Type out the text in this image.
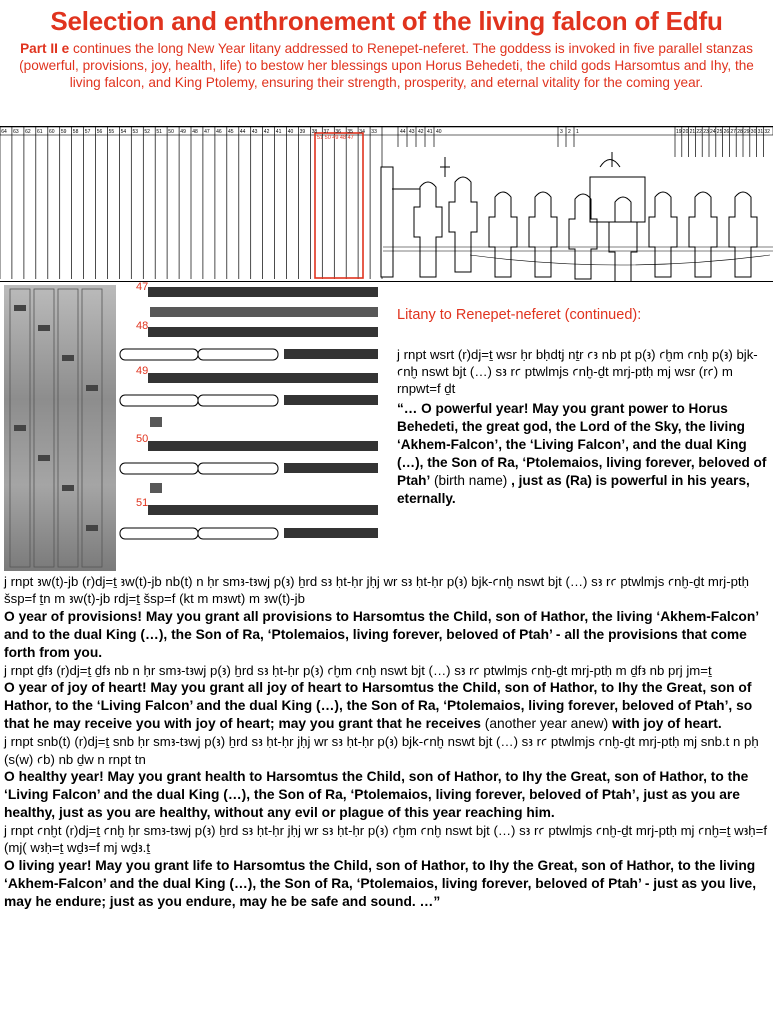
Selection and enthronement of the living falcon of Edfu
Part II e continues the long New Year litany addressed to Renepet-neferet. The goddess is invoked in five parallel stanzas (powerful, provisions, joy, health, life) to bestow her blessings upon Horus Behedeti, the child gods Harsomtus and Ihy, the living falcon, and King Ptolemy, ensuring their strength, prosperity, and eternal vitality for the coming year.
64 63 62 61 60 59 58 57 56 55 54 53 52 51 50 49 48 47 46 45 44 43 42 41 40 39 38 37 36 35 34 33	44 43 42 41 40	3 2 1	19 20 21 22 23 24 25 26 27 28 29 30 31 32
51 50 49 48 47
47
48
49
50
51
Litany to Renepet-neferet (continued):

j rnpt wsrt (r)dj=ṯ wsr ḥr bḥdtj nṯr ꜥꜣ nb pt p(ꜣ) ꜥḫm ꜥnḫ p(ꜣ) bjk-ꜥnḫ nswt bjt (…) sꜣ rꜥ ptwlmjs ꜥnḫ-ḏt mrj-ptḥ mj wsr (rꜥ) m rnpwt=f ḏt

“… O powerful year! May you grant power to Horus Behedeti, the great god, the Lord of the Sky, the living ‘Akhem-Falcon’, the ‘Living Falcon’, and the dual King (…), the Son of Ra, ‘Ptolemaios, living forever, beloved of Ptah’ (birth name) , just as (Ra) is powerful in his years, eternally.

j rnpt ꜣw(t)-jb (r)dj=ṯ ꜣw(t)-jb nb(t) n ḥr smꜣ-tꜣwj p(ꜣ) ẖrd sꜣ ḥt-ḥr jḥj wr sꜣ ḥt-ḥr p(ꜣ) bjk-ꜥnḫ nswt bjt (…) sꜣ rꜥ ptwlmjs ꜥnḫ-ḏt mrj-ptḥ šsp=f ṯn m ꜣw(t)-jb rdj=ṯ šsp=f (kt m mꜣwt) m ꜣw(t)-jb

O year of provisions! May you grant all provisions to Harsomtus the Child, son of Hathor, the living ‘Akhem-Falcon’ and to the dual King (…), the Son of Ra, ‘Ptolemaios, living forever, beloved of Ptah’ - all the provisions that come forth from you.

j rnpt ḏfꜣ (r)dj=ṯ ḏfꜣ nb n ḥr smꜣ-tꜣwj p(ꜣ) ẖrd sꜣ ḥt-ḥr p(ꜣ) ꜥḫm ꜥnḫ nswt bjt (…) sꜣ rꜥ ptwlmjs ꜥnḫ-ḏt mrj-ptḥ m ḏfꜣ nb prj jm=ṯ

O year of joy of heart! May you grant all joy of heart to Harsomtus the Child, son of Hathor, to Ihy the Great, son of Hathor, to the ‘Living Falcon’ and the dual King (…), the Son of Ra, ‘Ptolemaios, living forever, beloved of Ptah’, so that he may receive you with joy of heart; may you grant that he receives (another year anew) with joy of heart.

j rnpt snb(t) (r)dj=ṯ snb ḥr smꜣ-tꜣwj p(ꜣ) ẖrd sꜣ ḥt-ḥr jḥj wr sꜣ ḥt-ḥr p(ꜣ) bjk-ꜥnḫ nswt bjt (…) sꜣ rꜥ ptwlmjs ꜥnḫ-ḏt mrj-ptḥ mj snb.t n pḥ (s(w) ꜥb) nb ḏw n rnpt tn

O healthy year! May you grant health to Harsomtus the Child, son of Hathor, to Ihy the Great, son of Hathor, to the ‘Living Falcon’ and the dual King (…), the Son of Ra, ‘Ptolemaios, living forever, beloved of Ptah’, just as you are healthy, just as you are healthy, without any evil or plague of this year reaching him.

j rnpt ꜥnḫt (r)dj=ṯ ꜥnḫ ḥr smꜣ-tꜣwj p(ꜣ) ẖrd sꜣ ḥt-ḥr jḥj wr sꜣ ḥt-ḥr p(ꜣ) ꜥḫm ꜥnḫ nswt bjt (…) sꜣ rꜥ ptwlmjs ꜥnḫ-ḏt mrj-ptḥ mj ꜥnḫ=ṯ wꜣḥ=f (mj( wꜣḥ=ṯ wḏꜣ=f mj wḏꜣ.ṯ

O living year! May you grant life to Harsomtus the Child, son of Hathor, to Ihy the Great, son of Hathor, to the living ‘Akhem-Falcon’ and the dual King (…), the Son of Ra, ‘Ptolemaios, living forever, beloved of Ptah’ - just as you live, may he endure; just as you endure, may he be safe and sound. …”
